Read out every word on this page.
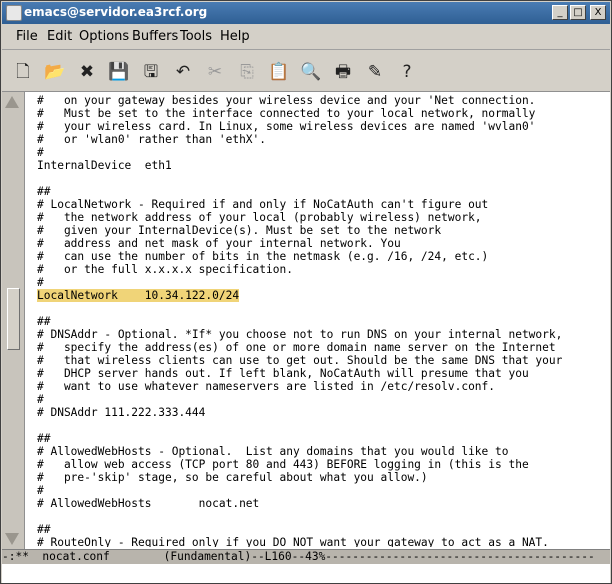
emacs@servidor.ea3rcf.org	_	□	X
File Edit Options Buffers Tools Help
🗋 📂 ✖ 💾 🖫	↶	✂	⎘ 📋 🔍 🖶 ✎	?
#   on your gateway besides your wireless device and your 'Net connection.
#   Must be set to the interface connected to your local network, normally
#   your wireless card. In Linux, some wireless devices are named 'wvlan0'
#   or 'wlan0' rather than 'ethX'.
#
InternalDevice  eth1
##
# LocalNetwork - Required if and only if NoCatAuth can't figure out
#   the network address of your local (probably wireless) network,
#   given your InternalDevice(s). Must be set to the network
#   address and net mask of your internal network. You
#   can use the number of bits in the netmask (e.g. /16, /24, etc.)
#   or the full x.x.x.x specification.
#
LocalNetwork    10.34.122.0/24
##
# DNSAddr - Optional. *If* you choose not to run DNS on your internal network,
#   specify the address(es) of one or more domain name server on the Internet
#   that wireless clients can use to get out. Should be the same DNS that your
#   DHCP server hands out. If left blank, NoCatAuth will presume that you
#   want to use whatever nameservers are listed in /etc/resolv.conf.
#
# DNSAddr 111.222.333.444
##
# AllowedWebHosts - Optional.  List any domains that you would like to
#   allow web access (TCP port 80 and 443) BEFORE logging in (this is the
#   pre-'skip' stage, so be careful about what you allow.)
#
# AllowedWebHosts       nocat.net
##
# RouteOnly - Required only if you DO NOT want your gateway to act as a NAT.
-:**  nocat.conf        (Fundamental)--L160--43%----------------------------------------
